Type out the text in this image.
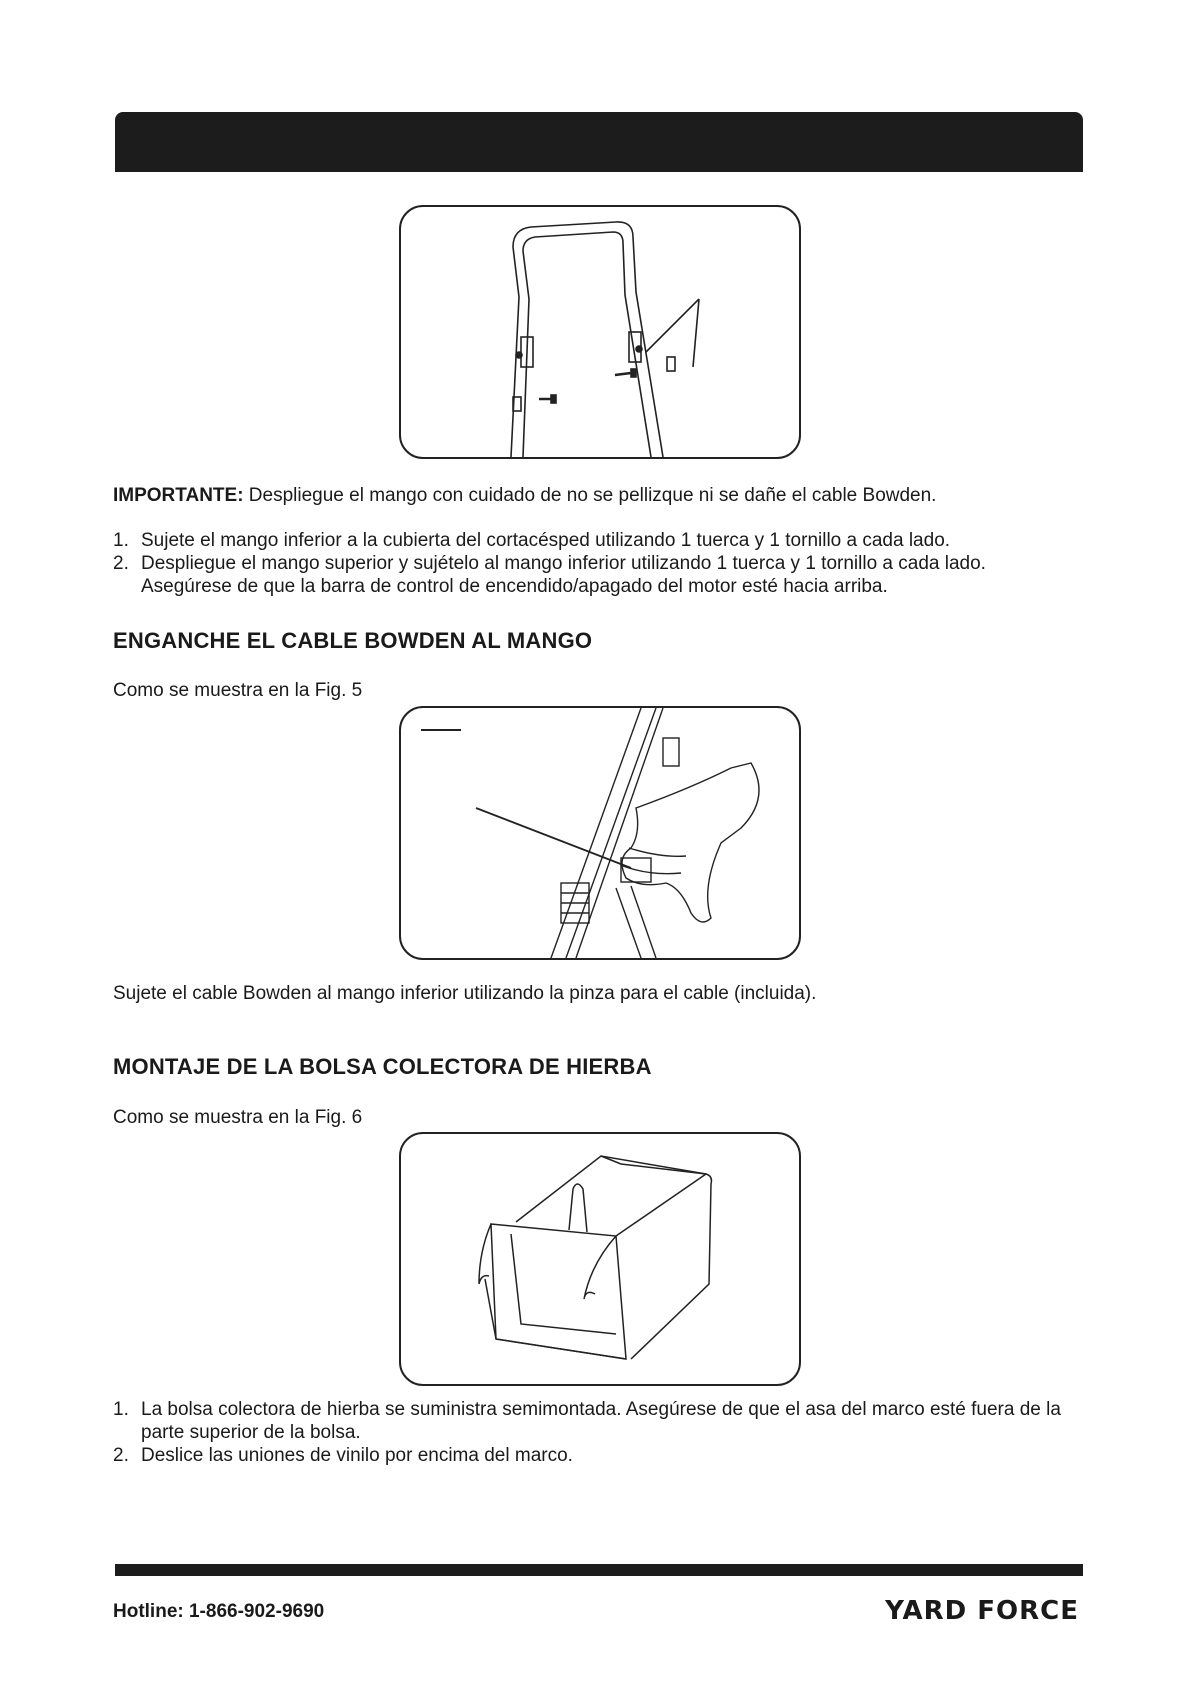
IMPORTANTE: Despliegue el mango con cuidado de no se pellizque ni se dañe el cable Bowden.
1. Sujete el mango inferior a la cubierta del cortacésped utilizando 1 tuerca y 1 tornillo a cada lado.
2. Despliegue el mango superior y sujételo al mango inferior utilizando 1 tuerca y 1 tornillo a cada lado. Asegúrese de que la barra de control de encendido/apagado del motor esté hacia arriba.
ENGANCHE EL CABLE BOWDEN AL MANGO
Como se muestra en la Fig. 5
Sujete el cable Bowden al mango inferior utilizando la pinza para el cable (incluida).
MONTAJE DE LA BOLSA COLECTORA DE HIERBA
Como se muestra en la Fig. 6
1. La bolsa colectora de hierba se suministra semimontada. Asegúrese de que el asa del marco esté fuera de la parte superior de la bolsa.
2. Deslice las uniones de vinilo por encima del marco.
Hotline: 1-866-902-9690	YARD FORCE
